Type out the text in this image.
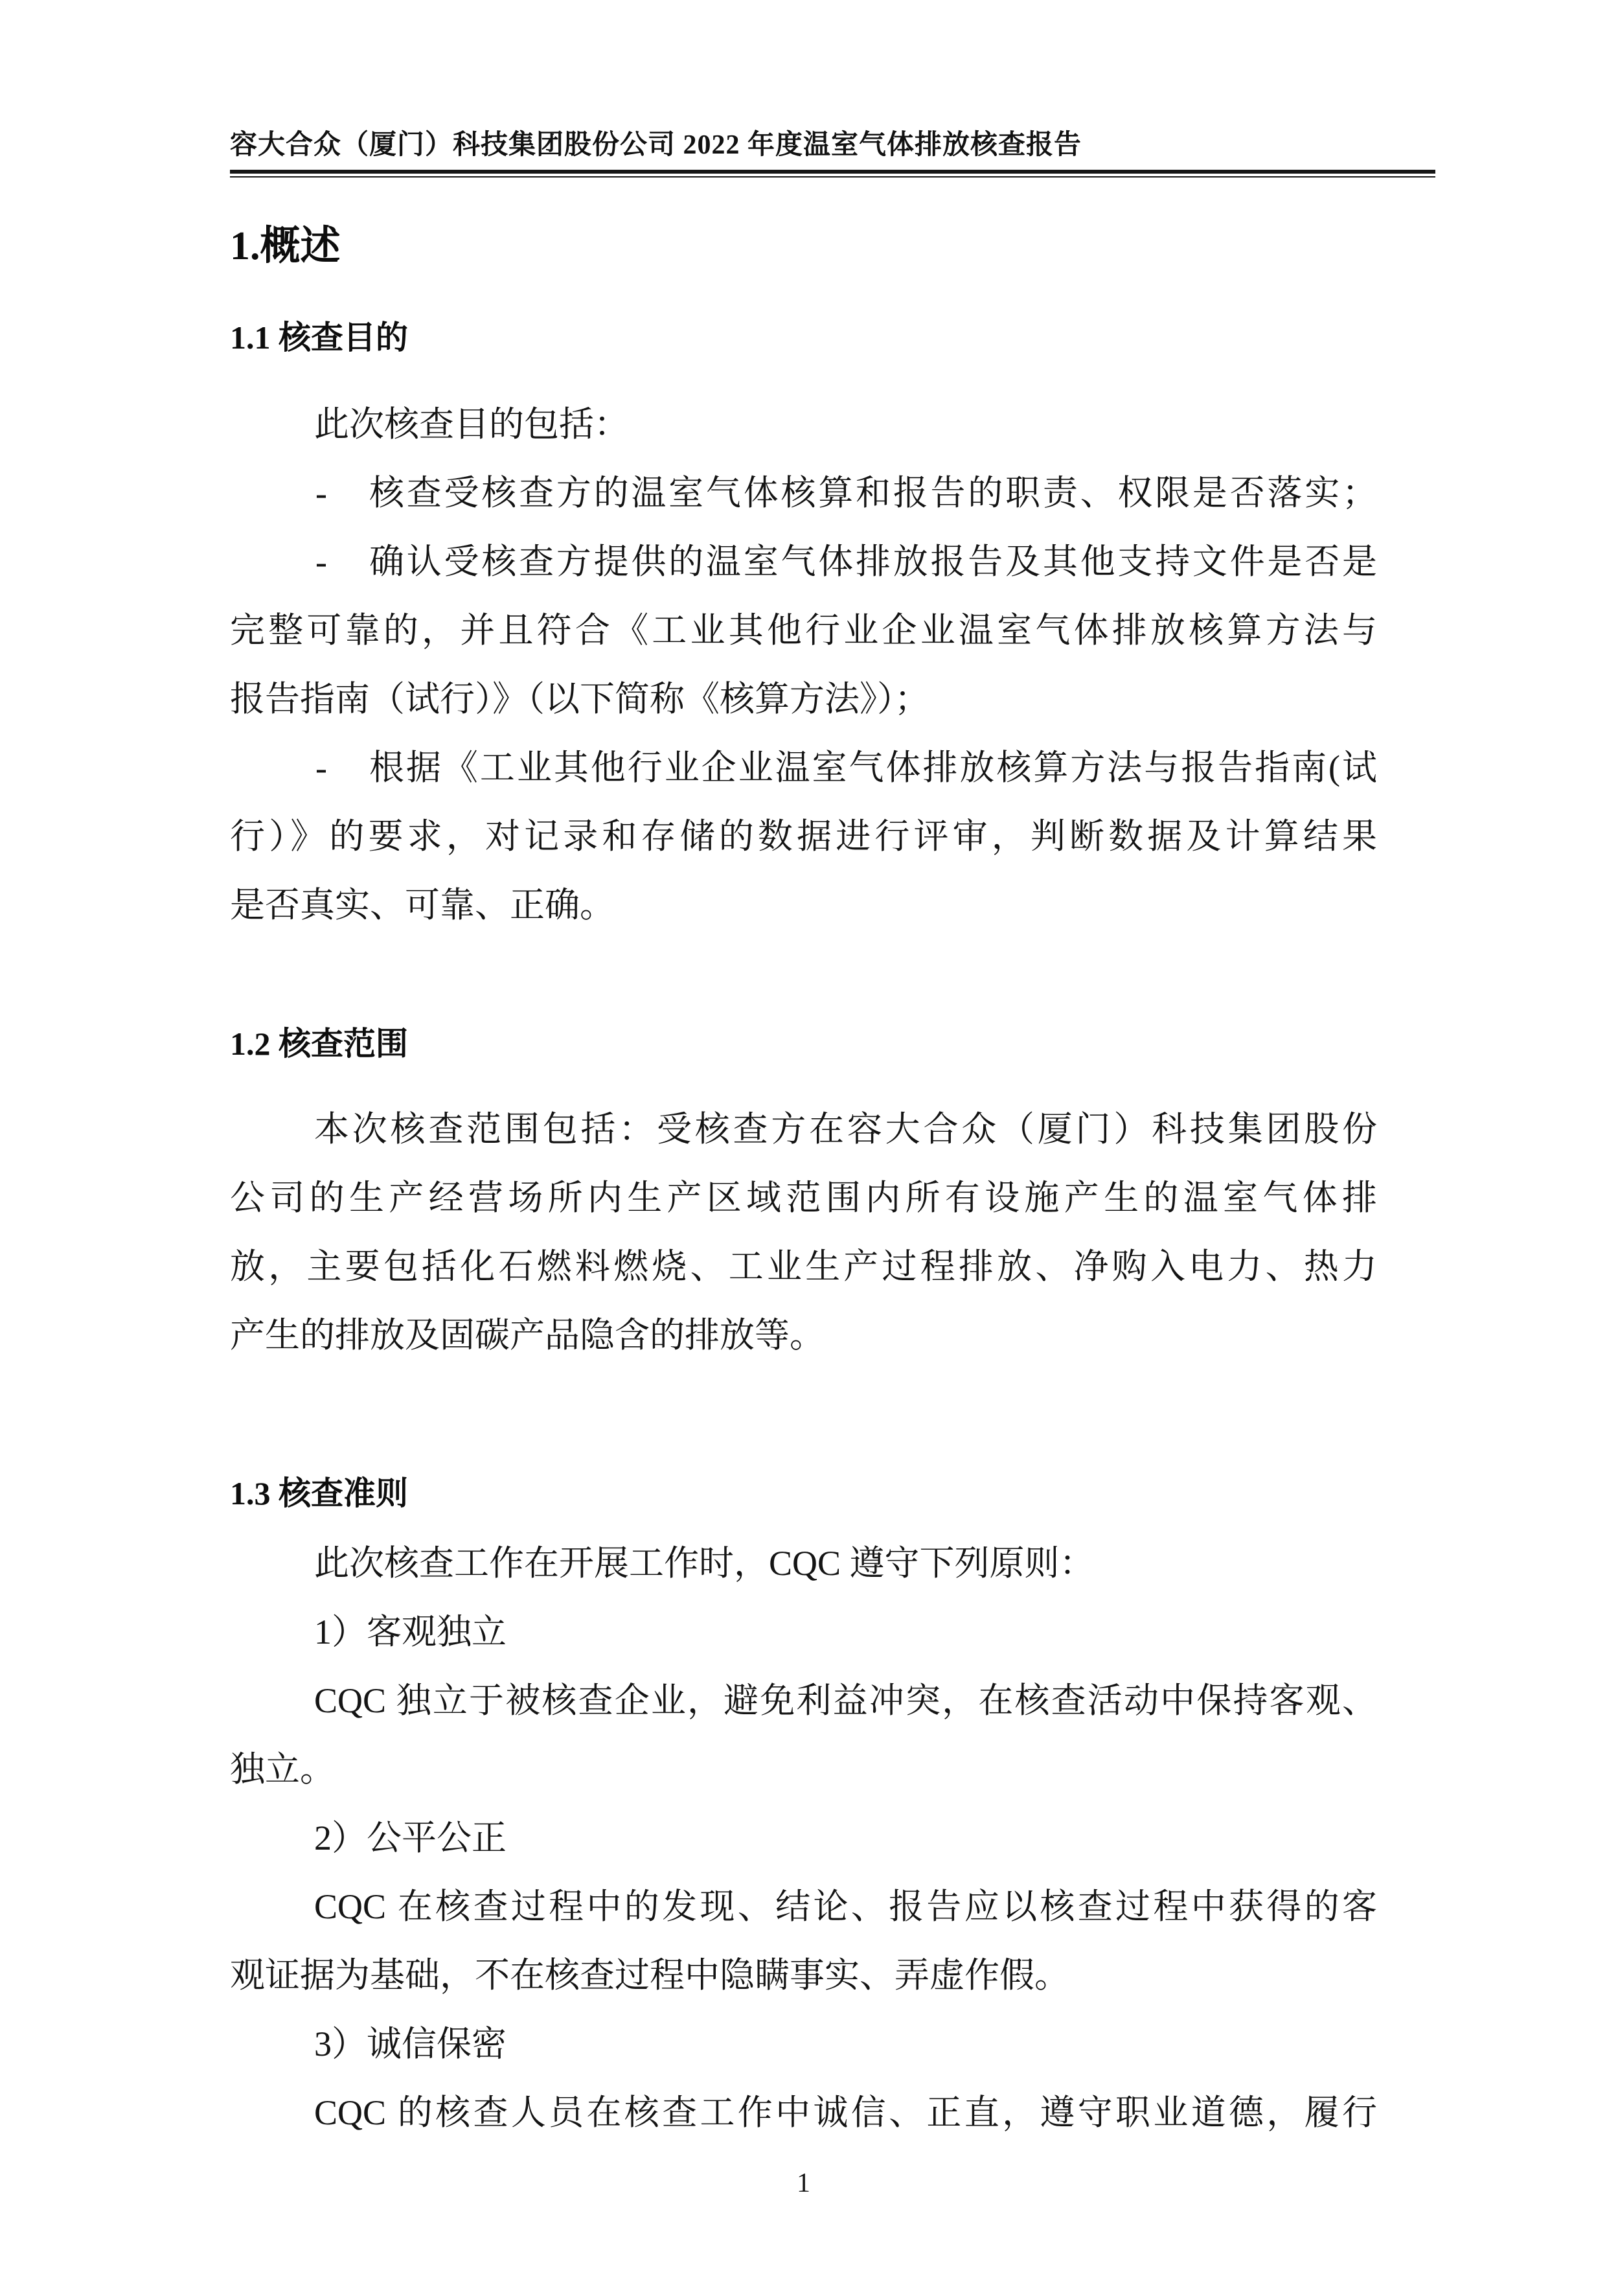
容大合众（厦门）科技集团股份公司 2022 年度温室气体排放核查报告
1.概述
1.1 核查目的
此次核查目的包括：
- 核查受核查方的温室气体核算和报告的职责、权限是否落实；
- 确认受核查方提供的温室气体排放报告及其他支持文件是否是
完整可靠的，并且符合《工业其他行业企业温室气体排放核算方法与
报告指南（试行）》（以下简称《核算方法》）；
- 根据《工业其他行业企业温室气体排放核算方法与报告指南(试
行）》的要求，对记录和存储的数据进行评审，判断数据及计算结果
是否真实、可靠、正确。
1.2 核查范围
本次核查范围包括：受核查方在容大合众（厦门）科技集团股份
公司的生产经营场所内生产区域范围内所有设施产生的温室气体排
放，主要包括化石燃料燃烧、工业生产过程排放、净购入电力、热力
产生的排放及固碳产品隐含的排放等。
1.3 核查准则
此次核查工作在开展工作时，CQC 遵守下列原则：
1）客观独立
CQC 独立于被核查企业，避免利益冲突，在核查活动中保持客观、
独立。
2）公平公正
CQC 在核查过程中的发现、结论、报告应以核查过程中获得的客
观证据为基础，不在核查过程中隐瞒事实、弄虚作假。
3）诚信保密
CQC 的核查人员在核查工作中诚信、正直，遵守职业道德，履行
1
